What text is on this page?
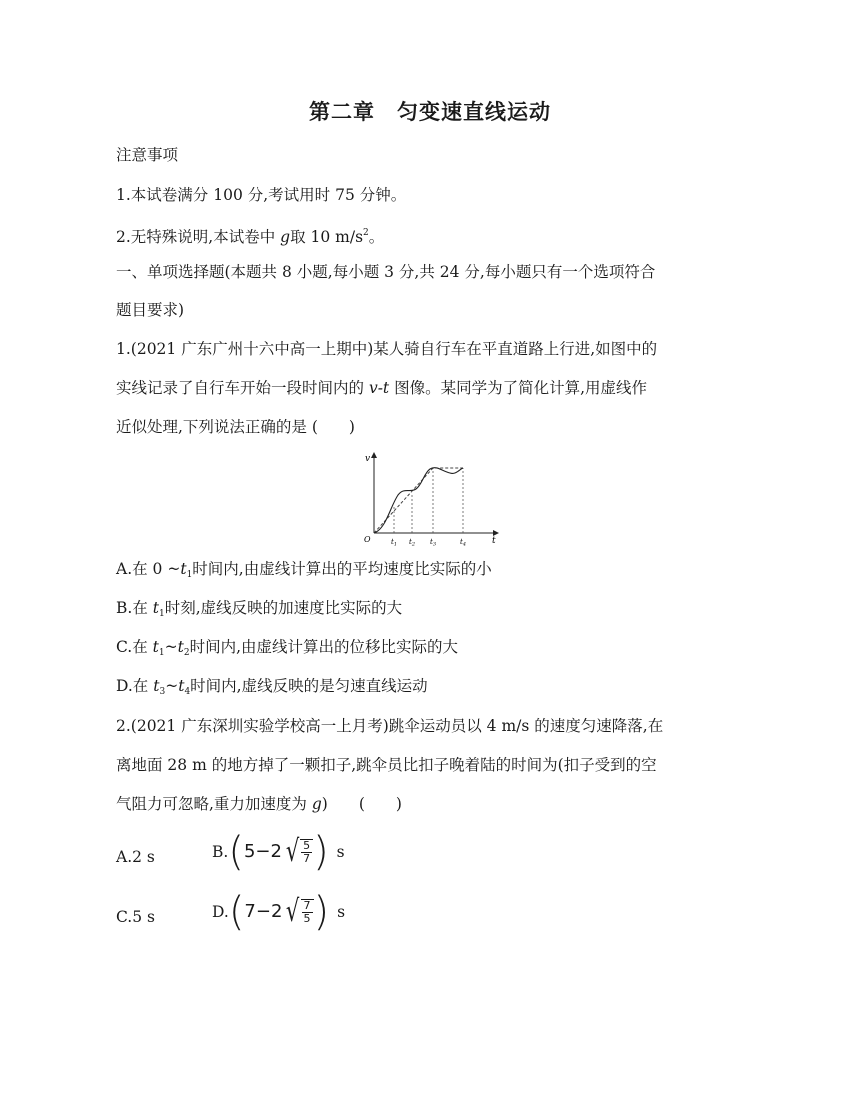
第二章　匀变速直线运动
注意事项
1.本试卷满分 100 分,考试用时 75 分钟。
2.无特殊说明,本试卷中 g取 10 $m/s^2$。
一、单项选择题(本题共 8 小题,每小题 3 分,共 24 分,每小题只有一个选项符合
题目要求)
1.(2021 广东广州十六中高一上期中)某人骑自行车在平直道路上行进,如图中的
实线记录了自行车开始一段时间内的 v-t 图像。某同学为了简化计算,用虚线作
近似处理,下列说法正确的是 (　　)
v
t
O	$t_1$ $t_2$ $t_3$	$t_4$
A.在 0 $\sim t_1$时间内,由虚线计算出的平均速度比实际的小
B.在 $t_1$时刻,虚线反映的加速度比实际的大
C.在 $t_1\sim t_2$时间内,由虚线计算出的位移比实际的大
D.在 $t_3\sim t_4$时间内,虚线反映的是匀速直线运动
2.(2021 广东深圳实验学校高一上月考)跳伞运动员以 4 m/s 的速度匀速降落,在
离地面 28 m 的地方掉了一颗扣子,跳伞员比扣子晚着陆的时间为(扣子受到的空
气阻力可忽略,重力加速度为 g)　　(　　)
A.2 s	B. ( 5−2 √ $\frac{5}{7}$ ) s
C.5 s	D. ( 7−2 √ $\frac{7}{5}$ ) s
